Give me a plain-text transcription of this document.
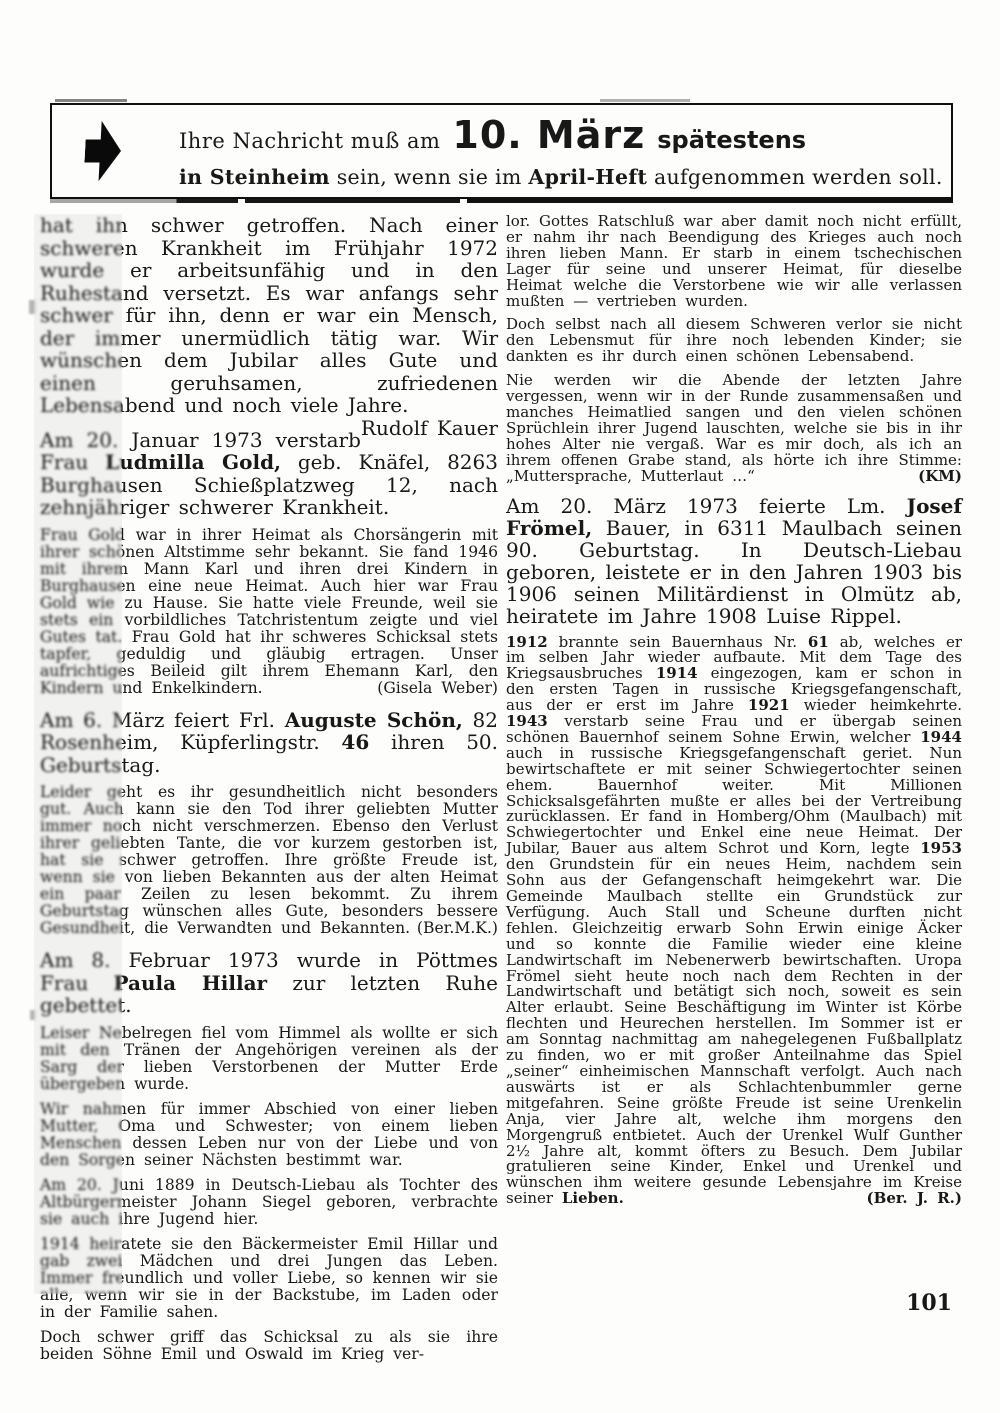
Ihre Nachricht muß am 10. März spätestens
in Steinheim sein, wenn sie im April-Heft aufgenommen werden soll.

hat ihn schwer getroffen. Nach einer schweren Krankheit im Frühjahr 1972 wurde er arbeitsunfähig und in den Ruhestand versetzt. Es war anfangs sehr schwer für ihn, denn er war ein Mensch, der immer unermüdlich tätig war. Wir wünschen dem Jubilar alles Gute und einen geruhsamen, zufriedenen Lebensabend und noch viele Jahre.
Rudolf Kauer

Am 20. Januar 1973 verstarb Frau Ludmilla Gold, geb. Knäfel, 8263 Burghausen Schießplatzweg 12, nach zehnjähriger schwerer Krankheit.

Frau Gold war in ihrer Heimat als Chorsängerin mit ihrer schönen Altstimme sehr bekannt. Sie fand 1946 mit ihrem Mann Karl und ihren drei Kindern in Burghausen eine neue Heimat. Auch hier war Frau Gold wie zu Hause. Sie hatte viele Freunde, weil sie stets ein vorbildliches Tatchristentum zeigte und viel Gutes tat. Frau Gold hat ihr schweres Schicksal stets tapfer, geduldig und gläubig ertragen. Unser aufrichtiges Beileid gilt ihrem Ehemann Karl, den Kindern und Enkelkindern.	(Gisela Weber)

Am 6. März feiert Frl. Auguste Schön, 82 Rosenheim, Küpferlingstr. 46 ihren 50. Geburtstag.

Leider geht es ihr gesundheitlich nicht besonders gut. Auch kann sie den Tod ihrer geliebten Mutter immer noch nicht verschmerzen. Ebenso den Verlust ihrer geliebten Tante, die vor kurzem gestorben ist, hat sie schwer getroffen. Ihre größte Freude ist, wenn sie von lieben Bekannten aus der alten Heimat ein paar Zeilen zu lesen bekommt. Zu ihrem Geburtstag wünschen alles Gute, besonders bessere Gesundheit, die Verwandten und Bekannten. (Ber.M.K.)

Am 8. Februar 1973 wurde in Pöttmes Frau Paula Hillar zur letzten Ruhe gebettet.

Leiser Nebelregen fiel vom Himmel als wollte er sich mit den Tränen der Angehörigen vereinen als der Sarg der lieben Verstorbenen der Mutter Erde übergeben wurde.

Wir nahmen für immer Abschied von einer lieben Mutter, Oma und Schwester; von einem lieben Menschen dessen Leben nur von der Liebe und von den Sorgen seiner Nächsten bestimmt war.

Am 20. Juni 1889 in Deutsch-Liebau als Tochter des Altbürgermeister Johann Siegel geboren, verbrachte sie auch ihre Jugend hier.

1914 heiratete sie den Bäckermeister Emil Hillar und gab zwei Mädchen und drei Jungen das Leben. Immer freundlich und voller Liebe, so kennen wir sie alle, wenn wir sie in der Backstube, im Laden oder in der Familie sahen.

Doch schwer griff das Schicksal zu als sie ihre beiden Söhne Emil und Oswald im Krieg ver-

lor. Gottes Ratschluß war aber damit noch nicht erfüllt, er nahm ihr nach Beendigung des Krieges auch noch ihren lieben Mann. Er starb in einem tschechischen Lager für seine und unserer Heimat, für dieselbe Heimat welche die Verstorbene wie wir alle verlassen mußten — vertrieben wurden.

Doch selbst nach all diesem Schweren verlor sie nicht den Lebensmut für ihre noch lebenden Kinder; sie dankten es ihr durch einen schönen Lebensabend.

Nie werden wir die Abende der letzten Jahre vergessen, wenn wir in der Runde zusammensaßen und manches Heimatlied sangen und den vielen schönen Sprüchlein ihrer Jugend lauschten, welche sie bis in ihr hohes Alter nie vergaß. War es mir doch, als ich an ihrem offenen Grabe stand, als hörte ich ihre Stimme: „Muttersprache, Mutterlaut …“	(KM)

Am 20. März 1973 feierte Lm. Josef Frömel, Bauer, in 6311 Maulbach seinen 90. Geburtstag. In Deutsch-Liebau geboren, leistete er in den Jahren 1903 bis 1906 seinen Militärdienst in Olmütz ab, heiratete im Jahre 1908 Luise Rippel.

1912 brannte sein Bauernhaus Nr. 61 ab, welches er im selben Jahr wieder aufbaute. Mit dem Tage des Kriegsausbruches 1914 eingezogen, kam er schon in den ersten Tagen in russische Kriegsgefangenschaft, aus der er erst im Jahre 1921 wieder heimkehrte. 1943 verstarb seine Frau und er übergab seinen schönen Bauernhof seinem Sohne Erwin, welcher 1944 auch in russische Kriegsgefangenschaft geriet. Nun bewirtschaftete er mit seiner Schwiegertochter seinen ehem. Bauernhof weiter. Mit Millionen Schicksalsgefährten mußte er alles bei der Vertreibung zurücklassen. Er fand in Homberg/Ohm (Maulbach) mit Schwiegertochter und Enkel eine neue Heimat. Der Jubilar, Bauer aus altem Schrot und Korn, legte 1953 den Grundstein für ein neues Heim, nachdem sein Sohn aus der Gefangenschaft heimgekehrt war. Die Gemeinde Maulbach stellte ein Grundstück zur Verfügung. Auch Stall und Scheune durften nicht fehlen. Gleichzeitig erwarb Sohn Erwin einige Äcker und so konnte die Familie wieder eine kleine Landwirtschaft im Nebenerwerb bewirtschaften. Uropa Frömel sieht heute noch nach dem Rechten in der Landwirtschaft und betätigt sich noch, soweit es sein Alter erlaubt. Seine Beschäftigung im Winter ist Körbe flechten und Heurechen herstellen. Im Sommer ist er am Sonntag nachmittag am nahegelegenen Fußballplatz zu finden, wo er mit großer Anteilnahme das Spiel „seiner“ einheimischen Mannschaft verfolgt. Auch nach auswärts ist er als Schlachtenbummler gerne mitgefahren. Seine größte Freude ist seine Urenkelin Anja, vier Jahre alt, welche ihm morgens den Morgengruß entbietet. Auch der Urenkel Wulf Gunther 2½ Jahre alt, kommt öfters zu Besuch. Dem Jubilar gratulieren seine Kinder, Enkel und Urenkel und wünschen ihm weitere gesunde Lebensjahre im Kreise seiner Lieben.	(Ber. J. R.)

101
